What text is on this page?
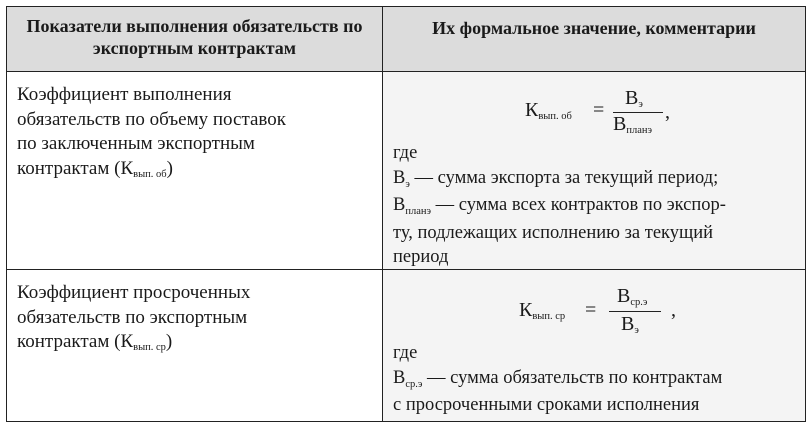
Показатели выполнения обязательств по экспортным контрактам
Их формальное значение, комментарии
Коэффициент выполнения
обязательств по объему поставок
по заключенным экспортным
контрактам (Квып. об)
Квып. об =
Вэ
Впланэ
,
где
$В_э$ — сумма экспорта за текущий период;
$В_{планэ}$ — сумма всех контрактов по экспор-
ту, подлежащих исполнению за текущий
период
Коэффициент просроченных
обязательств по экспортным
контрактам (Квып. ср)
Квып. ср =
Вср.э
Вэ
,
где
$В_{ср.э}$ — сумма обязательств по контрактам
с просроченными сроками исполнения
